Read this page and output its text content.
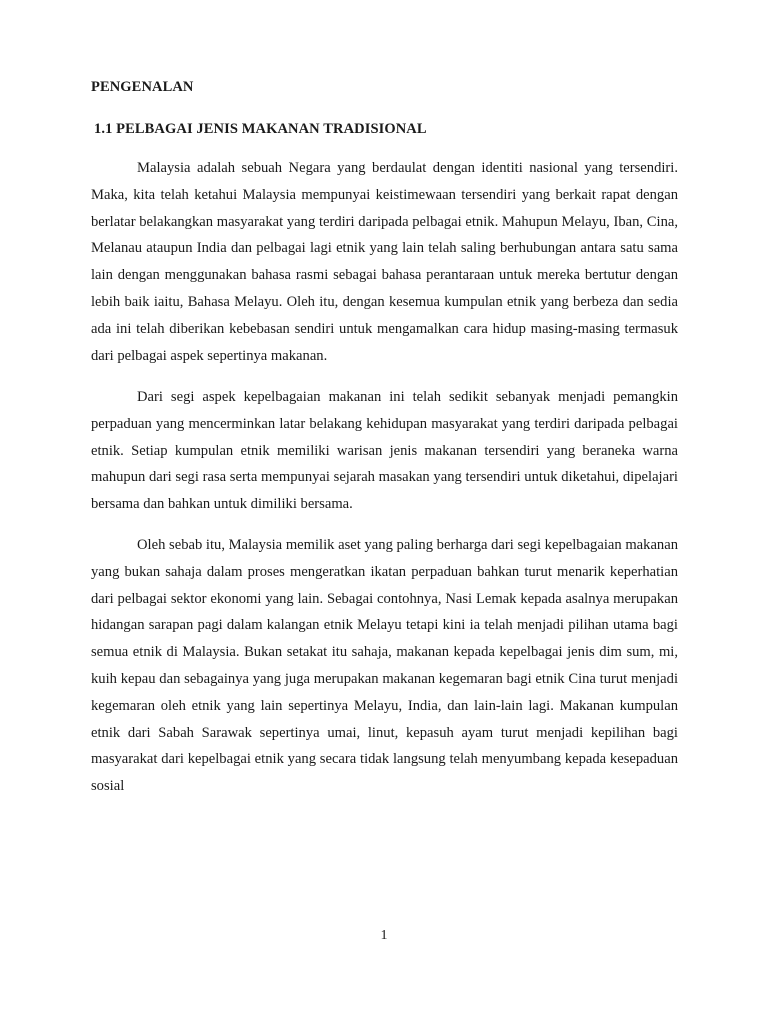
PENGENALAN
1.1 PELBAGAI JENIS MAKANAN TRADISIONAL

Malaysia adalah sebuah Negara yang berdaulat dengan identiti nasional yang tersendiri. Maka, kita telah ketahui Malaysia mempunyai keistimewaan tersendiri yang berkait rapat dengan berlatar belakangkan masyarakat yang terdiri daripada pelbagai etnik. Mahupun Melayu, Iban, Cina, Melanau ataupun India dan pelbagai lagi etnik yang lain telah saling berhubungan antara satu sama lain dengan menggunakan bahasa rasmi sebagai bahasa perantaraan untuk mereka bertutur dengan lebih baik iaitu, Bahasa Melayu. Oleh itu, dengan kesemua kumpulan etnik yang berbeza dan sedia ada ini telah diberikan kebebasan sendiri untuk mengamalkan cara hidup masing-masing termasuk dari pelbagai aspek sepertinya makanan.

Dari segi aspek kepelbagaian makanan ini telah sedikit sebanyak menjadi pemangkin perpaduan yang mencerminkan latar belakang kehidupan masyarakat yang terdiri daripada pelbagai etnik. Setiap kumpulan etnik memiliki warisan jenis makanan tersendiri yang beraneka warna mahupun dari segi rasa serta mempunyai sejarah masakan yang tersendiri untuk diketahui, dipelajari bersama dan bahkan untuk dimiliki bersama.

Oleh sebab itu, Malaysia memilik aset yang paling berharga dari segi kepelbagaian makanan yang bukan sahaja dalam proses mengeratkan ikatan perpaduan bahkan turut menarik keperhatian dari pelbagai sektor ekonomi yang lain. Sebagai contohnya, Nasi Lemak kepada asalnya merupakan hidangan sarapan pagi dalam kalangan etnik Melayu tetapi kini ia telah menjadi pilihan utama bagi semua etnik di Malaysia. Bukan setakat itu sahaja, makanan kepada kepelbagai jenis dim sum, mi, kuih kepau dan sebagainya yang juga merupakan makanan kegemaran bagi etnik Cina turut menjadi kegemaran oleh etnik yang lain sepertinya Melayu, India, dan lain-lain lagi. Makanan kumpulan etnik dari Sabah Sarawak sepertinya umai, linut, kepasuh ayam turut menjadi kepilihan bagi masyarakat dari kepelbagai etnik yang secara tidak langsung telah menyumbang kepada kesepaduan sosial

1
